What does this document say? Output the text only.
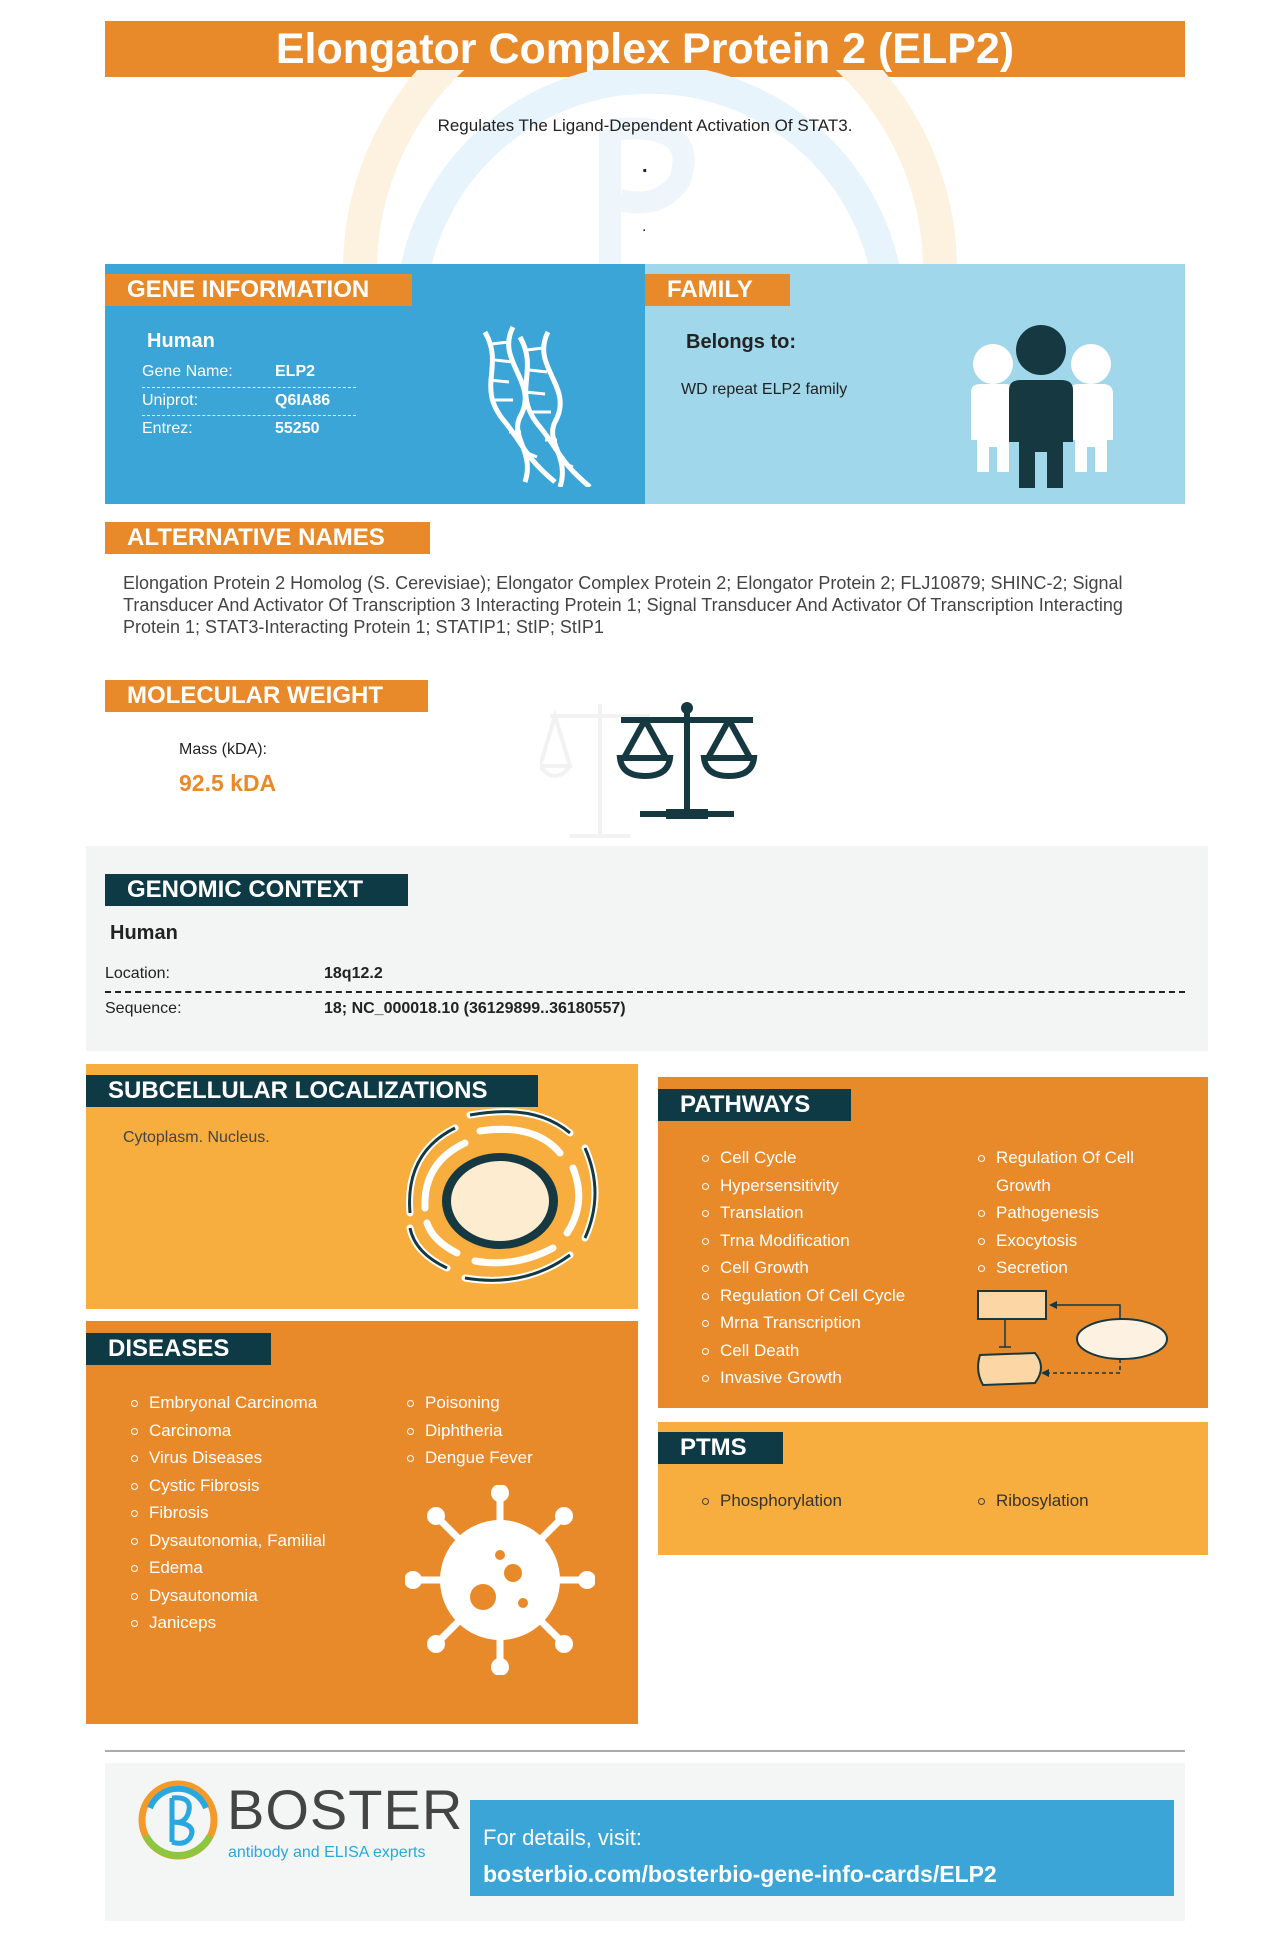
Elongator Complex Protein 2 (ELP2)
Regulates The Ligand-Dependent Activation Of STAT3.
.
.
GENE INFORMATION
Human
Gene Name:	ELP2
Uniprot:	Q6IA86
Entrez:	55250
FAMILY
Belongs to:
WD repeat ELP2 family
ALTERNATIVE NAMES
Elongation Protein 2 Homolog (S. Cerevisiae); Elongator Complex Protein 2; Elongator Protein 2; FLJ10879; SHINC-2; Signal Transducer And Activator Of Transcription 3 Interacting Protein 1; Signal Transducer And Activator Of Transcription Interacting Protein 1; STAT3-Interacting Protein 1; STATIP1; StIP; StIP1
MOLECULAR WEIGHT
Mass (kDA):
92.5 kDA
GENOMIC CONTEXT
Human
Location:	18q12.2
Sequence:	18; NC_000018.10 (36129899..36180557)
SUBCELLULAR LOCALIZATIONS
Cytoplasm. Nucleus.
DISEASES
Embryonal Carcinoma
Carcinoma
Virus Diseases
Cystic Fibrosis
Fibrosis
Dysautonomia, Familial
Edema
Dysautonomia
Janiceps
Poisoning
Diphtheria
Dengue Fever
PATHWAYS
Cell Cycle
Hypersensitivity
Translation
Trna Modification
Cell Growth
Regulation Of Cell Cycle
Mrna Transcription
Cell Death
Invasive Growth
Regulation Of Cell Growth
Pathogenesis
Exocytosis
Secretion
PTMS
Phosphorylation	Ribosylation
BOSTER
antibody and ELISA experts
For details, visit:
bosterbio.com/bosterbio-gene-info-cards/ELP2
